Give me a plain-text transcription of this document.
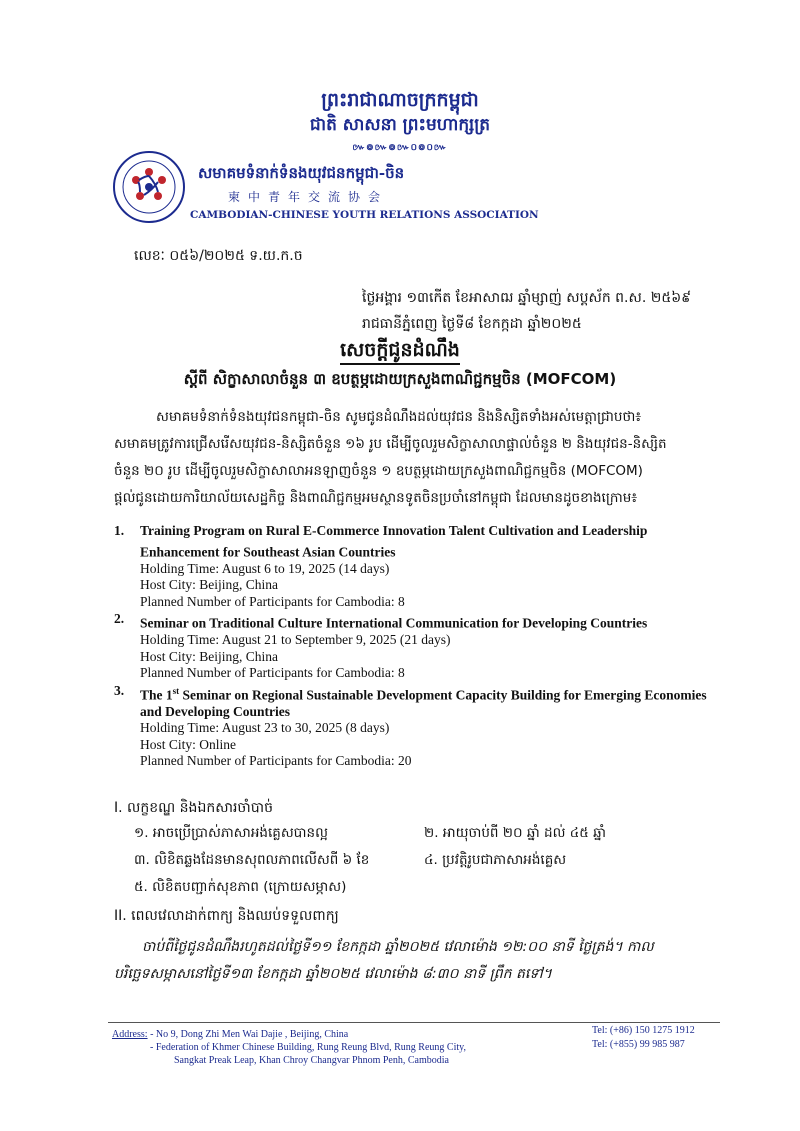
ព្រះរាជាណាចក្រកម្ពុជា
ជាតិ សាសនា ព្រះមហាក្សត្រ
៚៙៚៙៚០៙០៚
សមាគមទំនាក់ទំនងយុវជនកម្ពុជា-ចិន
柬中青年交流协会
CAMBODIAN-CHINESE YOUTH RELATIONS ASSOCIATION
លេខៈ ០៥៦/២០២៥ ទ.យ.ក.ច
ថ្ងៃអង្គារ ១៣កើត ខែអាសាឍ ឆ្នាំម្សាញ់ សប្តស័ក ព.ស. ២៥៦៩
រាជធានីភ្នំពេញ ថ្ងៃទី៨ ខែកក្កដា ឆ្នាំ២០២៥
សេចក្តីជូនដំណឹង
ស្តីពី សិក្ខាសាលាចំនួន ៣ ឧបត្ថម្ភដោយក្រសួងពាណិជ្ជកម្មចិន (MOFCOM)

សមាគមទំនាក់ទំនងយុវជនកម្ពុជា-ចិន សូមជូនដំណឹងដល់យុវជន និងនិស្សិតទាំងអស់មេត្តាជ្រាបថា៖

សមាគមត្រូវការជ្រើសរើសយុវជន-និស្សិតចំនួន ១៦ រូប ដើម្បីចូលរួមសិក្ខាសាលាផ្ទាល់ចំនួន ២ និងយុវជន-និស្សិត

ចំនួន ២០ រូប ដើម្បីចូលរួមសិក្ខាសាលាអនឡាញចំនួន ១ ឧបត្ថម្ភដោយក្រសួងពាណិជ្ជកម្មចិន (MOFCOM)

ផ្តល់ជូនដោយការិយាល័យសេដ្ឋកិច្ច និងពាណិជ្ជកម្មអមស្ថានទូតចិនប្រចាំនៅកម្ពុជា ដែលមានដូចខាងក្រោម៖

1.	Training Program on Rural E-Commerce Innovation Talent Cultivation and Leadership Enhancement for Southeast Asian Countries
Holding Time: August 6 to 19, 2025 (14 days)
Host City: Beijing, China
Planned Number of Participants for Cambodia: 8
2.	Seminar on Traditional Culture International Communication for Developing Countries
Holding Time: August 21 to September 9, 2025 (21 days)
Host City: Beijing, China
Planned Number of Participants for Cambodia: 8
3.	The 1st Seminar on Regional Sustainable Development Capacity Building for Emerging Economies and Developing Countries
Holding Time: August 23 to 30, 2025 (8 days)
Host City: Online
Planned Number of Participants for Cambodia: 20
I. លក្ខខណ្ឌ និងឯកសារចាំបាច់
១. អាចប្រើប្រាស់ភាសាអង់គ្លេសបានល្អ	២. អាយុចាប់ពី ២០ ឆ្នាំ ដល់ ៤៥ ឆ្នាំ
៣. លិខិតឆ្លងដែនមានសុពលភាពលើសពី ៦ ខែ	៤. ប្រវត្តិរូបជាភាសាអង់គ្លេស
៥. លិខិតបញ្ជាក់សុខភាព (ក្រោយសម្ភាស)
II. ពេលវេលាដាក់ពាក្យ និងឈប់ទទួលពាក្យ

ចាប់ពីថ្ងៃជូនដំណឹងរហូតដល់ថ្ងៃទី១១ ខែកក្កដា ឆ្នាំ២០២៥ វេលាម៉ោង ១២:០០ នាទី ថ្ងៃត្រង់។ កាល

បរិច្ឆេទសម្ភាសនៅថ្ងៃទី១៣ ខែកក្កដា ឆ្នាំ២០២៥ វេលាម៉ោង ៨:៣០ នាទី ព្រឹក តទៅ។

Address: - No 9, Dong Zhi Men Wai Dajie , Beijing, China
- Federation of Khmer Chinese Building, Rung Reung Blvd, Rung Reung City,
Sangkat Preak Leap, Khan Chroy Changvar Phnom Penh, Cambodia
Tel: (+86) 150 1275 1912
Tel: (+855) 99 985 987
